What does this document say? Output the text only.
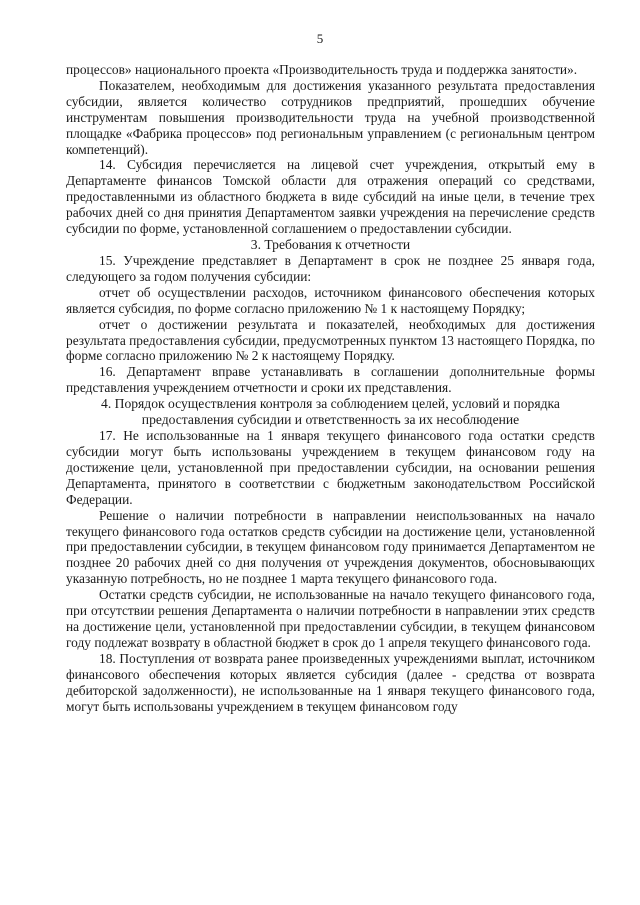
5

процессов» национального проекта «Производительность труда и поддержка занятости».

Показателем, необходимым для достижения указанного результата предоставления субсидии, является количество сотрудников предприятий, прошедших обучение инструментам повышения производительности труда на учебной производственной площадке «Фабрика процессов» под региональным управлением (с региональным центром компетенций).

14. Субсидия перечисляется на лицевой счет учреждения, открытый ему в Департаменте финансов Томской области для отражения операций со средствами, предоставленными из областного бюджета в виде субсидий на иные цели, в течение трех рабочих дней со дня принятия Департаментом заявки учреждения на перечисление средств субсидии по форме, установленной соглашением о предоставлении субсидии.

3. Требования к отчетности

15. Учреждение представляет в Департамент в срок не позднее 25 января года, следующего за годом получения субсидии:

отчет об осуществлении расходов, источником финансового обеспечения которых является субсидия, по форме согласно приложению № 1 к настоящему Порядку;

отчет о достижении результата и показателей, необходимых для достижения результата предоставления субсидии, предусмотренных пунктом 13 настоящего Порядка, по форме согласно приложению № 2 к настоящему Порядку.

16. Департамент вправе устанавливать в соглашении дополнительные формы представления учреждением отчетности и сроки их представления.

4. Порядок осуществления контроля за соблюдением целей, условий и порядка
предоставления субсидии и ответственность за их несоблюдение

17. Не использованные на 1 января текущего финансового года остатки средств субсидии могут быть использованы учреждением в текущем финансовом году на достижение цели, установленной при предоставлении субсидии, на основании решения Департамента, принятого в соответствии с бюджетным законодательством Российской Федерации.

Решение о наличии потребности в направлении неиспользованных на начало текущего финансового года остатков средств субсидии на достижение цели, установленной при предоставлении субсидии, в текущем финансовом году принимается Департаментом не позднее 20 рабочих дней со дня получения от учреждения документов, обосновывающих указанную потребность, но не позднее 1 марта текущего финансового года.

Остатки средств субсидии, не использованные на начало текущего финансового года, при отсутствии решения Департамента о наличии потребности в направлении этих средств на достижение цели, установленной при предоставлении субсидии, в текущем финансовом году подлежат возврату в областной бюджет в срок до 1 апреля текущего финансового года.

18. Поступления от возврата ранее произведенных учреждениями выплат, источником финансового обеспечения которых является субсидия (далее - средства от возврата дебиторской задолженности), не использованные на 1 января текущего финансового года, могут быть использованы учреждением в текущем финансовом году
